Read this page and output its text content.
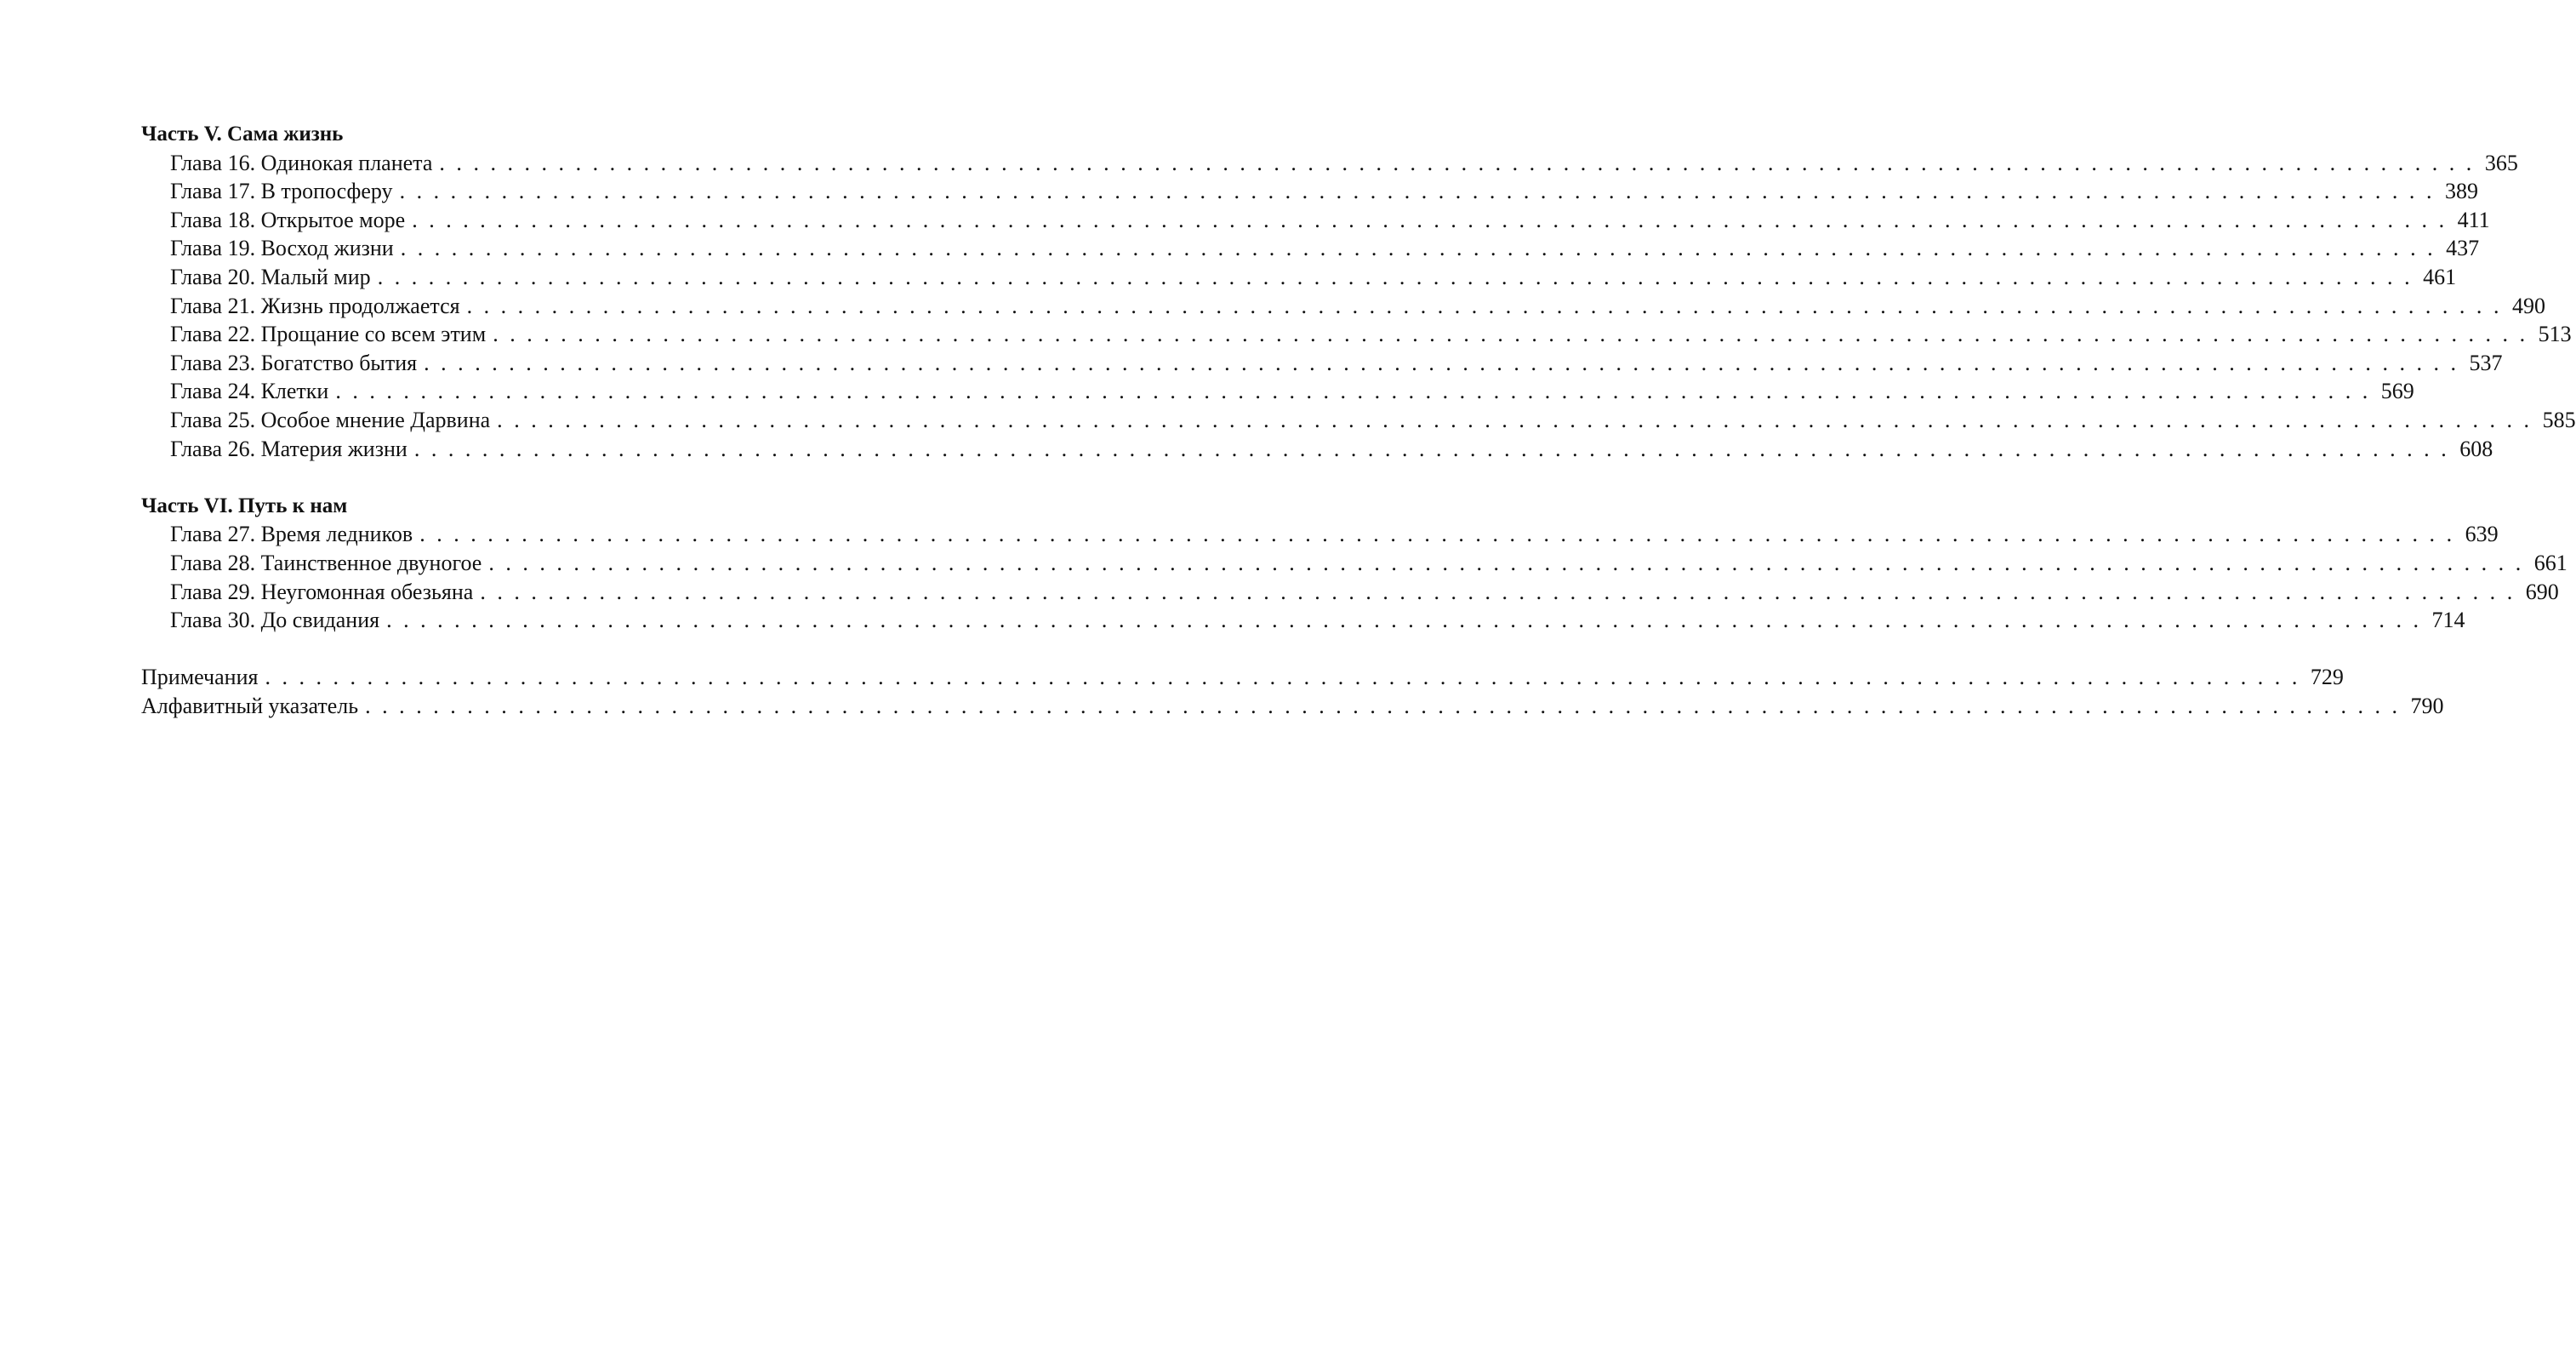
Часть V. Сама жизнь
Глава 16. Одинокая планета ........................................................................................................................ 365
Глава 17. В тропосферу ........................................................................................................................ 389
Глава 18. Открытое море ........................................................................................................................ 411
Глава 19. Восход жизни ........................................................................................................................ 437
Глава 20. Малый мир ........................................................................................................................ 461
Глава 21. Жизнь продолжается ........................................................................................................................ 490
Глава 22. Прощание со всем этим ........................................................................................................................ 513
Глава 23. Богатство бытия ........................................................................................................................ 537
Глава 24. Клетки ........................................................................................................................ 569
Глава 25. Особое мнение Дарвина ........................................................................................................................ 585
Глава 26. Материя жизни ........................................................................................................................ 608
Часть VI. Путь к нам
Глава 27. Время ледников ........................................................................................................................ 639
Глава 28. Таинственное двуногое ........................................................................................................................ 661
Глава 29. Неугомонная обезьяна ........................................................................................................................ 690
Глава 30. До свидания ........................................................................................................................ 714
Примечания ........................................................................................................................ 729
Алфавитный указатель ........................................................................................................................ 790
